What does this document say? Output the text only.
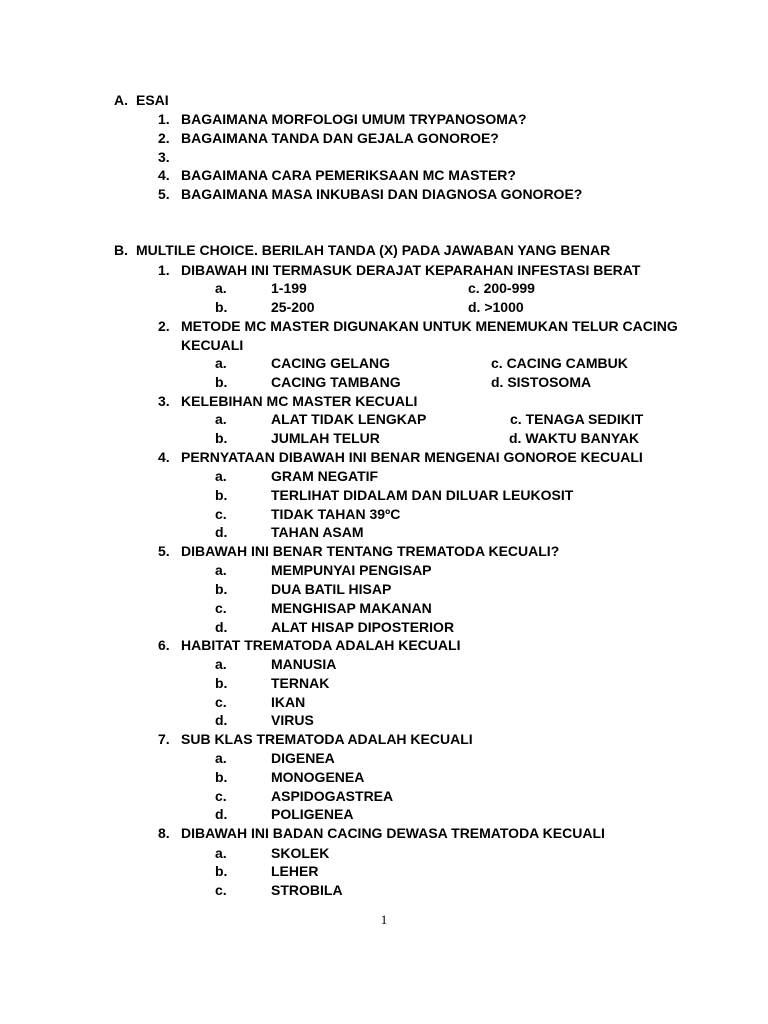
A. ESAI
1. BAGAIMANA MORFOLOGI UMUM TRYPANOSOMA?
2. BAGAIMANA TANDA DAN GEJALA GONOROE?
3.
4. BAGAIMANA CARA PEMERIKSAAN MC MASTER?
5. BAGAIMANA MASA INKUBASI DAN DIAGNOSA GONOROE?
B. MULTILE CHOICE. BERILAH TANDA (X) PADA JAWABAN YANG BENAR
1. DIBAWAH INI TERMASUK DERAJAT KEPARAHAN INFESTASI BERAT
a.	1-199	c. 200-999
b.	25-200	d. >1000
2. METODE MC MASTER DIGUNAKAN UNTUK MENEMUKAN TELUR CACING
KECUALI
a.	CACING GELANG	c. CACING CAMBUK
b.	CACING TAMBANG	d. SISTOSOMA
3. KELEBIHAN MC MASTER KECUALI
a.	ALAT TIDAK LENGKAP	c. TENAGA SEDIKIT
b.	JUMLAH TELUR	d. WAKTU BANYAK
4. PERNYATAAN DIBAWAH INI BENAR MENGENAI GONOROE KECUALI
a.	GRAM NEGATIF
b.	TERLIHAT DIDALAM DAN DILUAR LEUKOSIT
c.	TIDAK TAHAN 39ºC
d.	TAHAN ASAM
5. DIBAWAH INI BENAR TENTANG TREMATODA KECUALI?
a.	MEMPUNYAI PENGISAP
b.	DUA BATIL HISAP
c.	MENGHISAP MAKANAN
d.	ALAT HISAP DIPOSTERIOR
6. HABITAT TREMATODA ADALAH KECUALI
a.	MANUSIA
b.	TERNAK
c.	IKAN
d.	VIRUS
7. SUB KLAS TREMATODA ADALAH KECUALI
a.	DIGENEA
b.	MONOGENEA
c.	ASPIDOGASTREA
d.	POLIGENEA
8. DIBAWAH INI BADAN CACING DEWASA TREMATODA KECUALI
a.	SKOLEK
b.	LEHER
c.	STROBILA
1
